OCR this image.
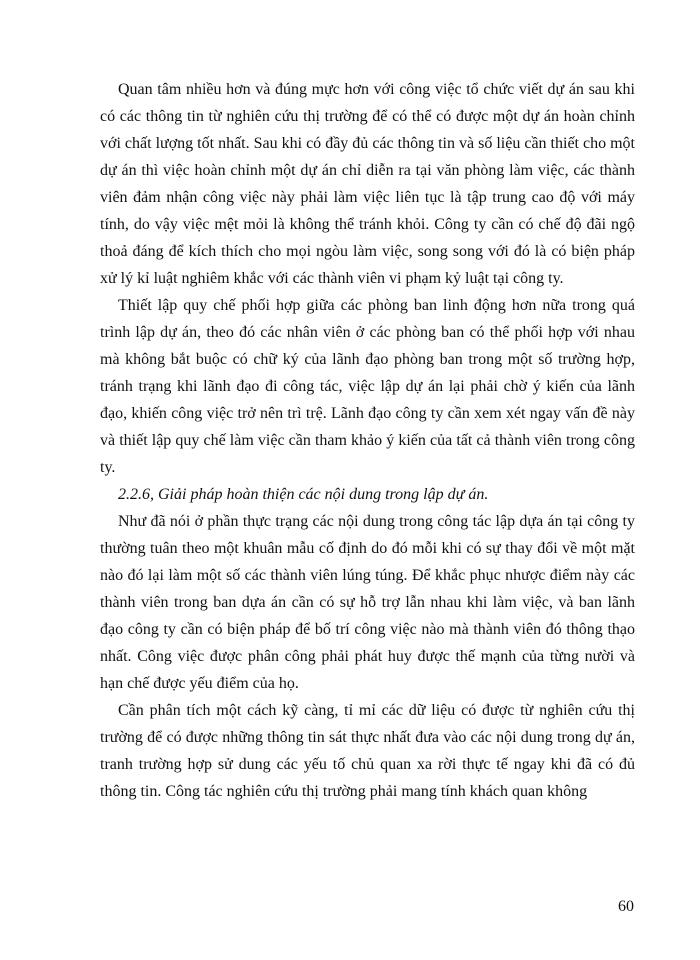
Quan tâm nhiều hơn và đúng mực hơn với công việc tổ chức viết dự án sau khi có các thông tin từ nghiên cứu thị trường để có thể có được một dự án hoàn chỉnh với chất lượng tốt nhất. Sau khi có đầy đủ các thông tin và số liệu cần thiết cho một dự án thì việc hoàn chỉnh một dự án chỉ diễn ra tại văn phòng làm việc, các thành viên đảm nhận công việc này phải làm việc liên tục là tập trung cao độ với máy tính, do vậy việc mệt mỏi là không thể tránh khỏi. Công ty cần có chế độ đãi ngộ thoả đáng để kích thích cho mọi ngòu làm việc, song song với đó là có biện pháp xử lý kỉ luật nghiêm khắc với các thành viên vi phạm kỷ luật tại công ty.

Thiết lập quy chế phối hợp giữa các phòng ban linh động hơn nữa trong quá trình lập dự án, theo đó các nhân viên ở các phòng ban có thể phối hợp với nhau mà không bắt buộc có chữ ký của lãnh đạo phòng ban trong một số trường hợp, tránh trạng khi lãnh đạo đi công tác, việc lập dự án lại phải chờ ý kiến của lãnh đạo, khiến công việc trở nên trì trệ. Lãnh đạo công ty cần xem xét ngay vấn đề này và thiết lập quy chế làm việc cần tham khảo ý kiến của tất cả thành viên trong công ty.

2.2.6, Giải pháp hoàn thiện các nội dung trong lập dự án.

Như đã nói ở phần thực trạng các nội dung trong công tác lập dựa án tại công ty thường tuân theo một khuân mẫu cố định do đó mỗi khi có sự thay đổi về một mặt nào đó lại làm một số các thành viên lúng túng. Để khắc phục nhược điểm này các thành viên trong ban dựa án cần có sự hỗ trợ lẫn nhau khi làm việc, và ban lãnh đạo công ty cần có biện pháp để bố trí công việc nào mà thành viên đó thông thạo nhất. Công việc được phân công phải phát huy được thế mạnh của từng nười và hạn chế được yếu điểm của họ.

Cần phân tích một cách kỹ càng, tỉ mỉ các dữ liệu có được từ nghiên cứu thị trường để có được những thông tin sát thực nhất đưa vào các nội dung trong dự án, tranh trường hợp sử dung các yếu tố chủ quan xa rời thực tế ngay khi đã có đủ thông tin. Công tác nghiên cứu thị trường phải mang tính khách quan không

60
